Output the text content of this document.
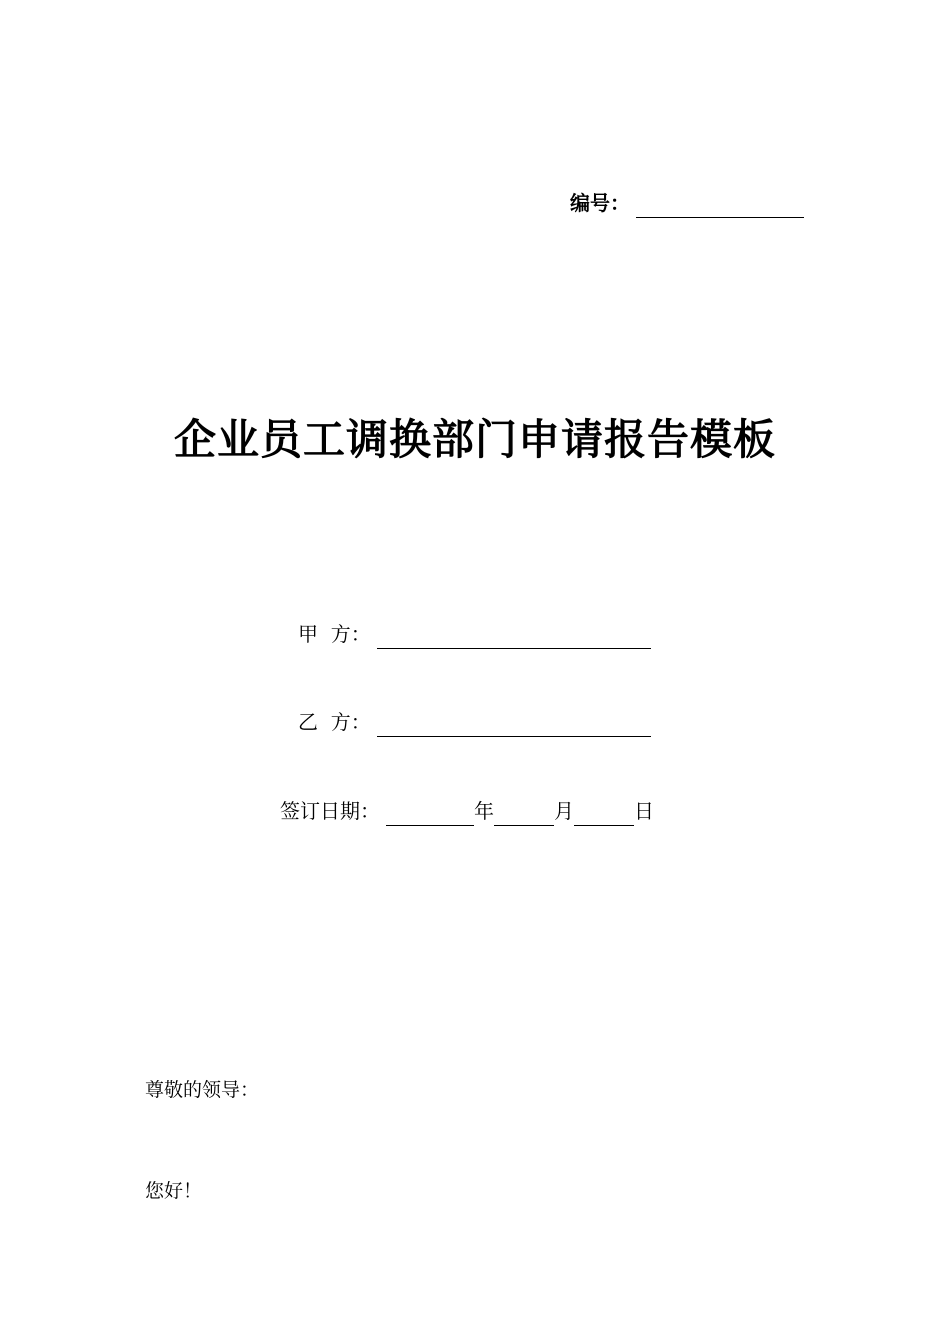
编号：
企业员工调换部门申请报告模板
甲  方：
乙  方：
签订日期：	年	月	日
尊敬的领导：
您好！
